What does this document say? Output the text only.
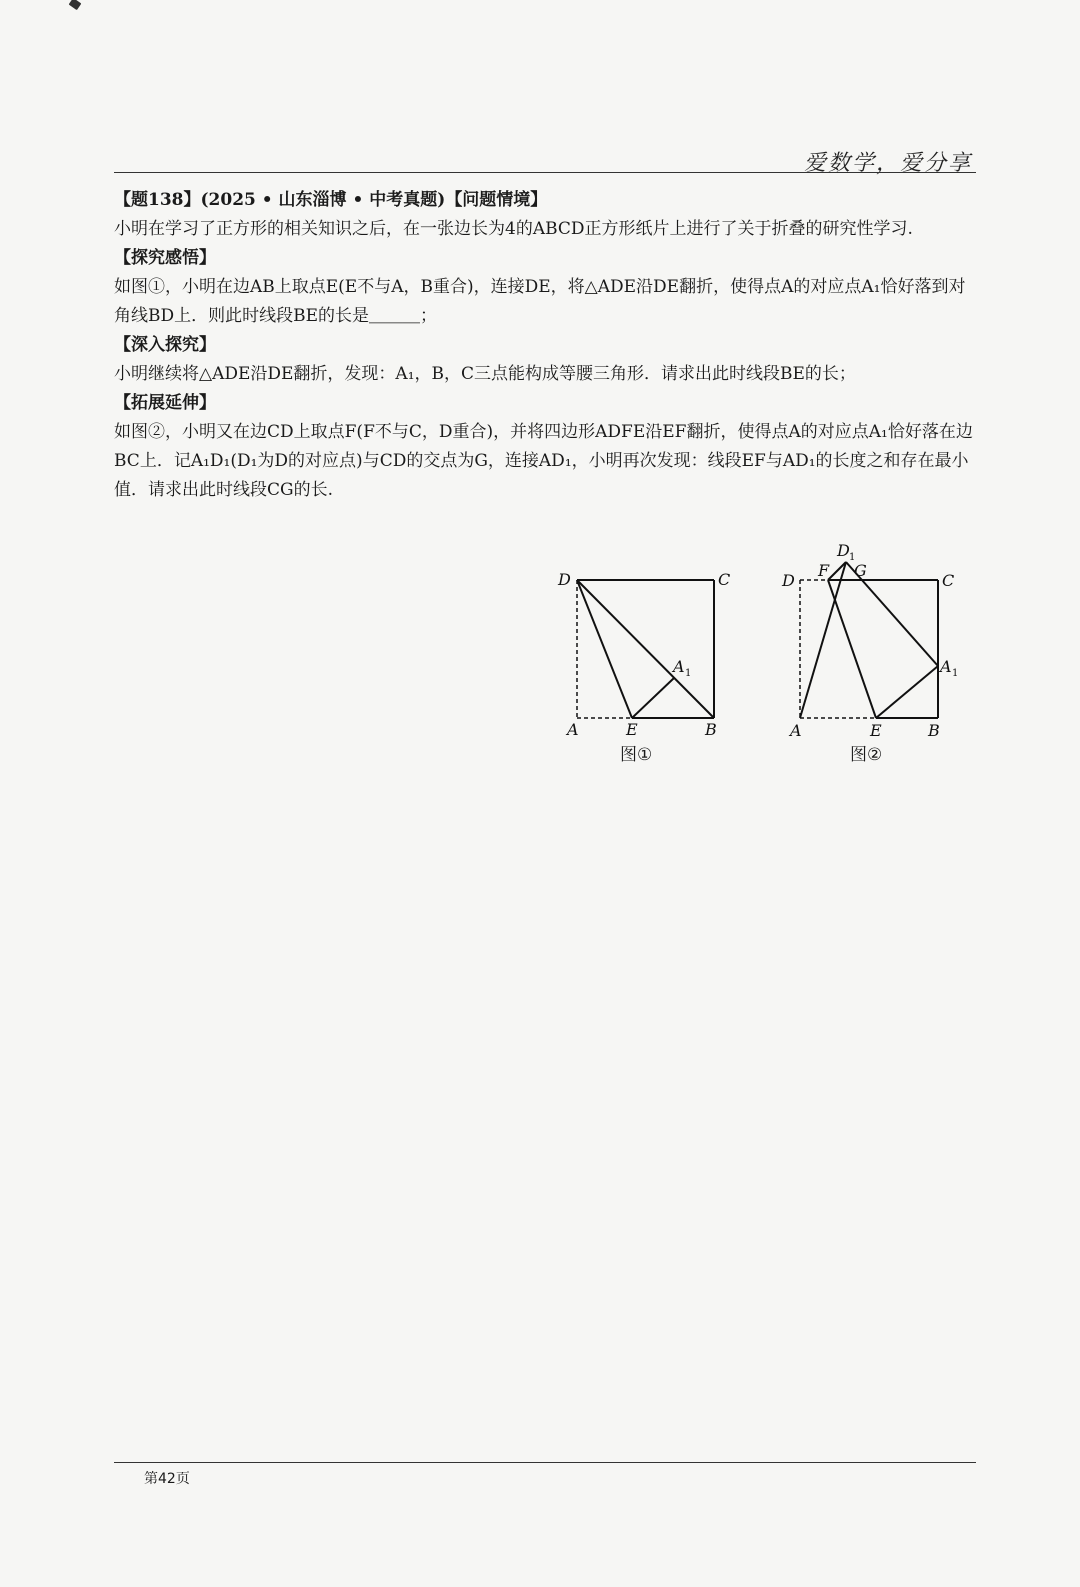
爱数学，爱分享

【题138】(2025 • 山东淄博 • 中考真题)【问题情境】

小明在学习了正方形的相关知识之后，在一张边长为4的ABCD正方形纸片上进行了关于折叠的研究性学习.

【探究感悟】

如图①，小明在边AB上取点E(E不与A，B重合)，连接DE，将△ADE沿DE翻折，使得点A的对应点A₁恰好落到对角线BD上．则此时线段BE的长是＿＿＿；

【深入探究】

小明继续将△ADE沿DE翻折，发现：A₁，B，C三点能构成等腰三角形．请求出此时线段BE的长；

【拓展延伸】

如图②，小明又在边CD上取点F(F不与C，D重合)，并将四边形ADFE沿EF翻折，使得点A的对应点A₁恰好落在边BC上．记A₁D₁(D₁为D的对应点)与CD的交点为G，连接AD₁，小明再次发现：线段EF与AD₁的长度之和存在最小值．请求出此时线段CG的长.

D	C
A	E	B
A 1
图①
D	C
F G
D 1
A 1
A	E	B
图②
第42页
